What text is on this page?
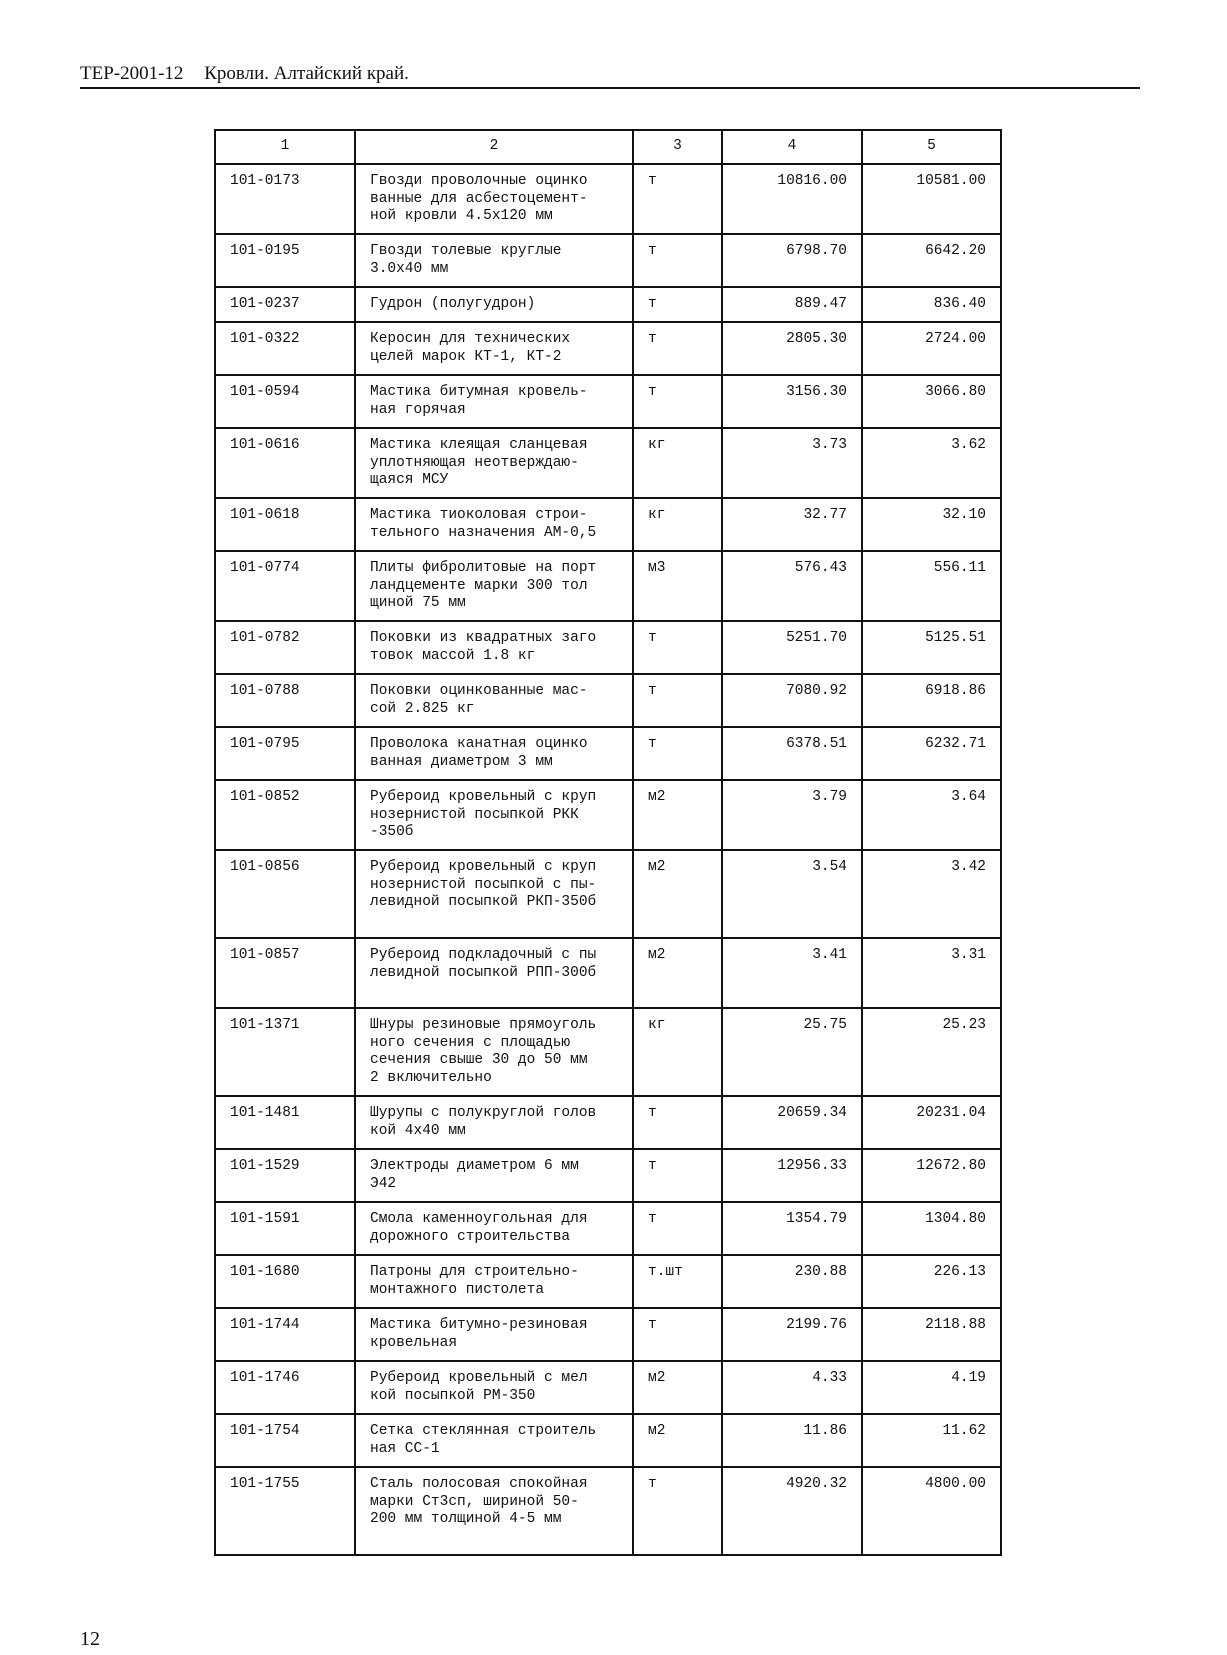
ТЕР-2001-12 Кровли. Алтайский край.
1	2	3	4	5
101-0173	Гвозди проволочные оцинко
ванные для асбестоцемент-
ной кровли 4.5х120 мм	т	10816.00	10581.00
101-0195	Гвозди толевые круглые
3.0х40 мм	т	6798.70	6642.20
101-0237	Гудрон (полугудрон)	т	889.47	836.40
101-0322	Керосин для технических
целей марок КТ-1, КТ-2	т	2805.30	2724.00
101-0594	Мастика битумная кровель-
ная горячая	т	3156.30	3066.80
101-0616	Мастика клеящая сланцевая
уплотняющая неотверждаю-
щаяся МСУ	кг	3.73	3.62
101-0618	Мастика тиоколовая строи-
тельного назначения АМ-0,5	кг	32.77	32.10
101-0774	Плиты фибролитовые на порт
ландцементе марки 300 тол
щиной 75 мм	м3	576.43	556.11
101-0782	Поковки из квадратных заго
товок массой 1.8 кг	т	5251.70	5125.51
101-0788	Поковки оцинкованные мас-
сой 2.825 кг	т	7080.92	6918.86
101-0795	Проволока канатная оцинко
ванная диаметром 3 мм	т	6378.51	6232.71
101-0852	Рубероид кровельный с круп
нозернистой посыпкой РКК
-350б	м2	3.79	3.64
101-0856	Рубероид кровельный с круп
нозернистой посыпкой с пы-
левидной посыпкой РКП-350б	м2	3.54	3.42
101-0857	Рубероид подкладочный с пы
левидной посыпкой РПП-300б	м2	3.41	3.31
101-1371	Шнуры резиновые прямоуголь
ного сечения с площадью
сечения свыше 30 до 50 мм
2 включительно	кг	25.75	25.23
101-1481	Шурупы с полукруглой голов
кой 4х40 мм	т	20659.34	20231.04
101-1529	Электроды диаметром 6 мм
Э42	т	12956.33	12672.80
101-1591	Смола каменноугольная для
дорожного строительства	т	1354.79	1304.80
101-1680	Патроны для строительно-
монтажного пистолета	т.шт	230.88	226.13
101-1744	Мастика битумно-резиновая
кровельная	т	2199.76	2118.88
101-1746	Рубероид кровельный с мел
кой посыпкой РМ-350	м2	4.33	4.19
101-1754	Сетка стеклянная строитель
ная СС-1	м2	11.86	11.62
101-1755	Сталь полосовая спокойная
марки Ст3сп, шириной 50-
200 мм толщиной 4-5 мм	т	4920.32	4800.00
12
